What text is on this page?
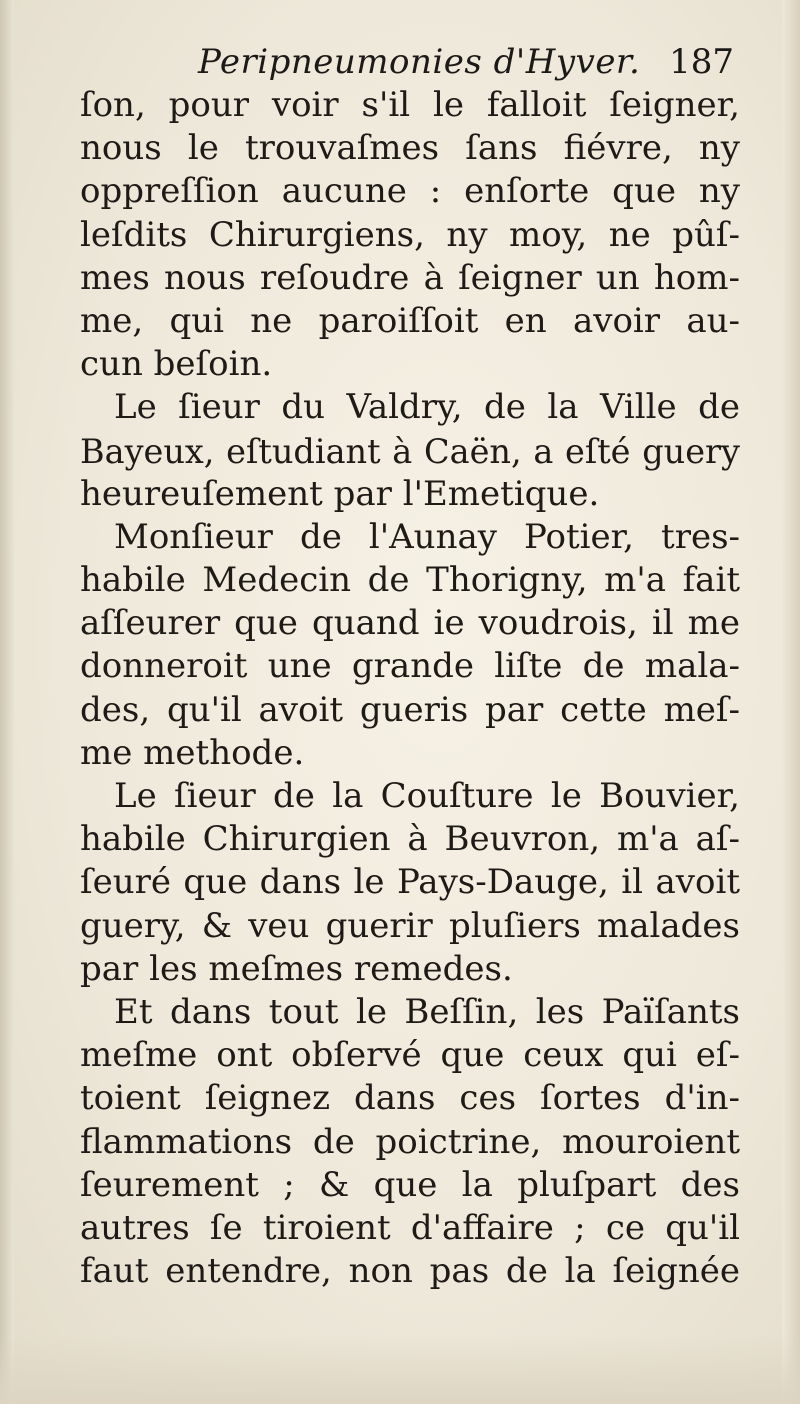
Peripneumonies d'Hyver. 187
ſon, pour voir s'il le falloit ſeigner,
nous le trouvaſmes ſans fiévre, ny
oppreſſion aucune : enſorte que ny
leſdits Chirurgiens, ny moy, ne pûſ-
mes nous reſoudre à ſeigner un hom-
me, qui ne paroiſſoit en avoir au-
cun beſoin.
Le ſieur du Valdry, de la Ville de
Bayeux, eſtudiant à Caën, a eſté guery
heureuſement par l'Emetique.
Monſieur de l'Aunay Potier, tres-
habile Medecin de Thorigny, m'a fait
aſſeurer que quand ie voudrois, il me
donneroit une grande liſte de mala-
des, qu'il avoit gueris par cette meſ-
me methode.
Le ſieur de la Couſture le Bouvier,
habile Chirurgien à Beuvron, m'a aſ-
ſeuré que dans le Pays-Dauge, il avoit
guery, & veu guerir pluſiers malades
par les meſmes remedes.
Et dans tout le Beſſin, les Païſants
meſme ont obſervé que ceux qui eſ-
toient ſeignez dans ces ſortes d'in-
flammations de poictrine, mouroient
ſeurement ; & que la pluſpart des
autres ſe tiroient d'affaire ; ce qu'il
faut entendre, non pas de la ſeignée
